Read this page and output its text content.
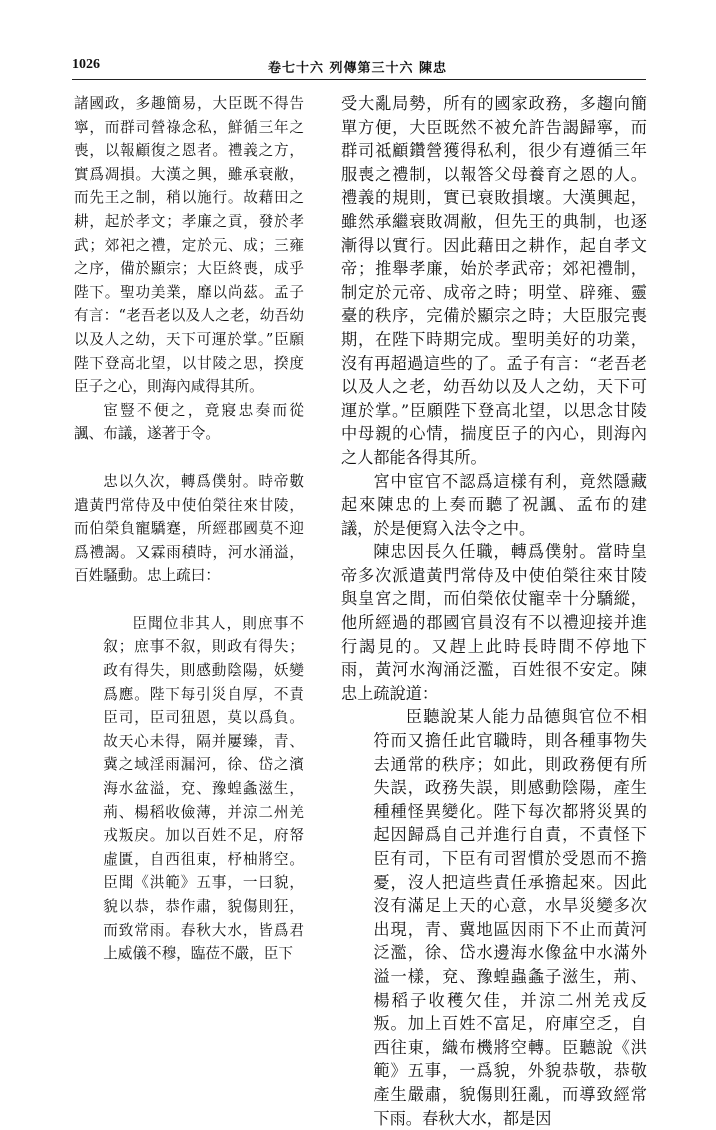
1026	卷七十六 列傳第三十六 陳忠

諸國政，多趣簡易，大臣既不得告寧，而群司營祿念私，鮮循三年之喪，以報顧復之恩者。禮義之方，實爲凋損。大漢之興，雖承衰敝，而先王之制，稍以施行。故藉田之耕，起於孝文；孝廉之貢，發於孝武；郊祀之禮，定於元、成；三雍之序，備於顯宗；大臣終喪，成乎陛下。聖功美業，靡以尚茲。孟子有言：“老吾老以及人之老，幼吾幼以及人之幼，天下可運於掌。”臣願陛下登高北望，以甘陵之思，揆度臣子之心，則海內咸得其所。

宦豎不便之，竟寢忠奏而從諷、布議，遂著于令。

忠以久次，轉爲僕射。時帝數遣黃門常侍及中使伯榮往來甘陵，而伯榮負寵驕蹇，所經郡國莫不迎爲禮謁。又霖雨積時，河水涌溢，百姓騷動。忠上疏曰：

臣聞位非其人，則庶事不叙；庶事不叙，則政有得失；政有得失，則感動陰陽，妖變爲應。陛下每引災自厚，不責臣司，臣司狃恩，莫以爲負。故天心未得，隔并屢臻，青、冀之域淫雨漏河，徐、岱之濱海水盆溢，兗、豫蝗螽滋生，荊、楊稻收儉薄，并涼二州羌戎叛戾。加以百姓不足，府帑虛匱，自西徂東，杼柚將空。臣聞《洪範》五事，一曰貌，貌以恭，恭作肅，貌傷則狂，而致常雨。春秋大水，皆爲君上威儀不穆，臨莅不嚴，臣下

受大亂局勢，所有的國家政務，多趨向簡單方便，大臣既然不被允許告謁歸寧，而群司祗顧鑽營獲得私利，很少有遵循三年服喪之禮制，以報答父母養育之恩的人。禮義的規則，實已衰敗損壞。大漢興起，雖然承繼衰敗凋敝，但先王的典制，也逐漸得以實行。因此藉田之耕作，起自孝文帝；推舉孝廉，始於孝武帝；郊祀禮制，制定於元帝、成帝之時；明堂、辟雍、靈臺的秩序，完備於顯宗之時；大臣服完喪期，在陛下時期完成。聖明美好的功業，沒有再超過這些的了。孟子有言：“老吾老以及人之老，幼吾幼以及人之幼，天下可運於掌。”臣願陛下登高北望，以思念甘陵中母親的心情，揣度臣子的內心，則海內之人都能各得其所。

宮中宦官不認爲這樣有利，竟然隱藏起來陳忠的上奏而聽了祝諷、孟布的建議，於是便寫入法令之中。

陳忠因長久任職，轉爲僕射。當時皇帝多次派遣黃門常侍及中使伯榮往來甘陵與皇宮之間，而伯榮依仗寵幸十分驕縱，他所經過的郡國官員沒有不以禮迎接并進行謁見的。又趕上此時長時間不停地下雨，黃河水洶涌泛濫，百姓很不安定。陳忠上疏說道：

臣聽說某人能力品德與官位不相符而又擔任此官職時，則各種事物失去通常的秩序；如此，則政務便有所失誤，政務失誤，則感動陰陽，產生種種怪異變化。陛下每次都將災異的起因歸爲自己并進行自責，不責怪下臣有司，下臣有司習慣於受恩而不擔憂，沒人把這些責任承擔起來。因此沒有滿足上天的心意，水旱災變多次出現，青、冀地區因雨下不止而黃河泛濫，徐、岱水邊海水像盆中水滿外溢一樣，兗、豫蝗蟲螽子滋生，荊、楊稻子收穫欠佳，并涼二州羌戎反叛。加上百姓不富足，府庫空乏，自西往東，織布機將空轉。臣聽說《洪範》五事，一爲貌，外貌恭敬，恭敬產生嚴肅，貌傷則狂亂，而導致經常下雨。春秋大水，都是因
